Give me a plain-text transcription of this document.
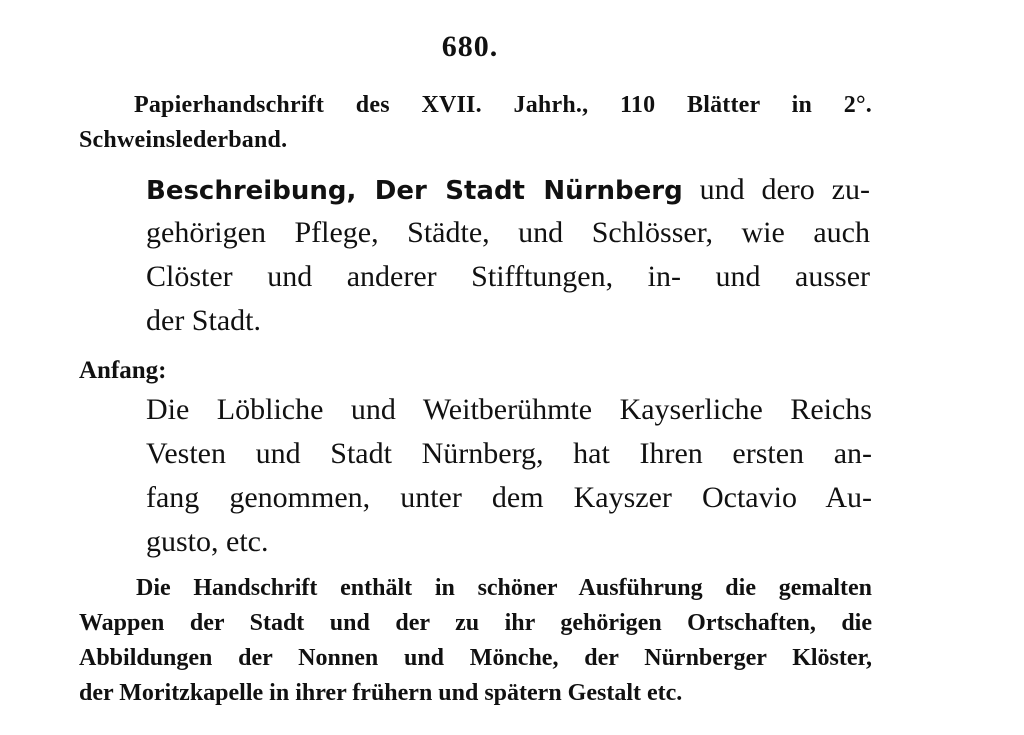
680.
Papierhandschrift des XVII. Jahrh., 110 Blätter in 2°.
Schweinslederband.
Beschreibung, Der Stadt Nürnberg und dero zu-
gehörigen Pflege, Städte, und Schlösser, wie auch
Clöster und anderer Stifftungen, in- und ausser
der Stadt.
Anfang:
Die Löbliche und Weitberühmte Kayserliche Reichs
Vesten und Stadt Nürnberg, hat Ihren ersten an-
fang genommen, unter dem Kayszer Octavio Au-
gusto, etc.
Die Handschrift enthält in schöner Ausführung die gemalten
Wappen der Stadt und der zu ihr gehörigen Ortschaften, die
Abbildungen der Nonnen und Mönche, der Nürnberger Klöster,
der Moritzkapelle in ihrer frühern und spätern Gestalt etc.
